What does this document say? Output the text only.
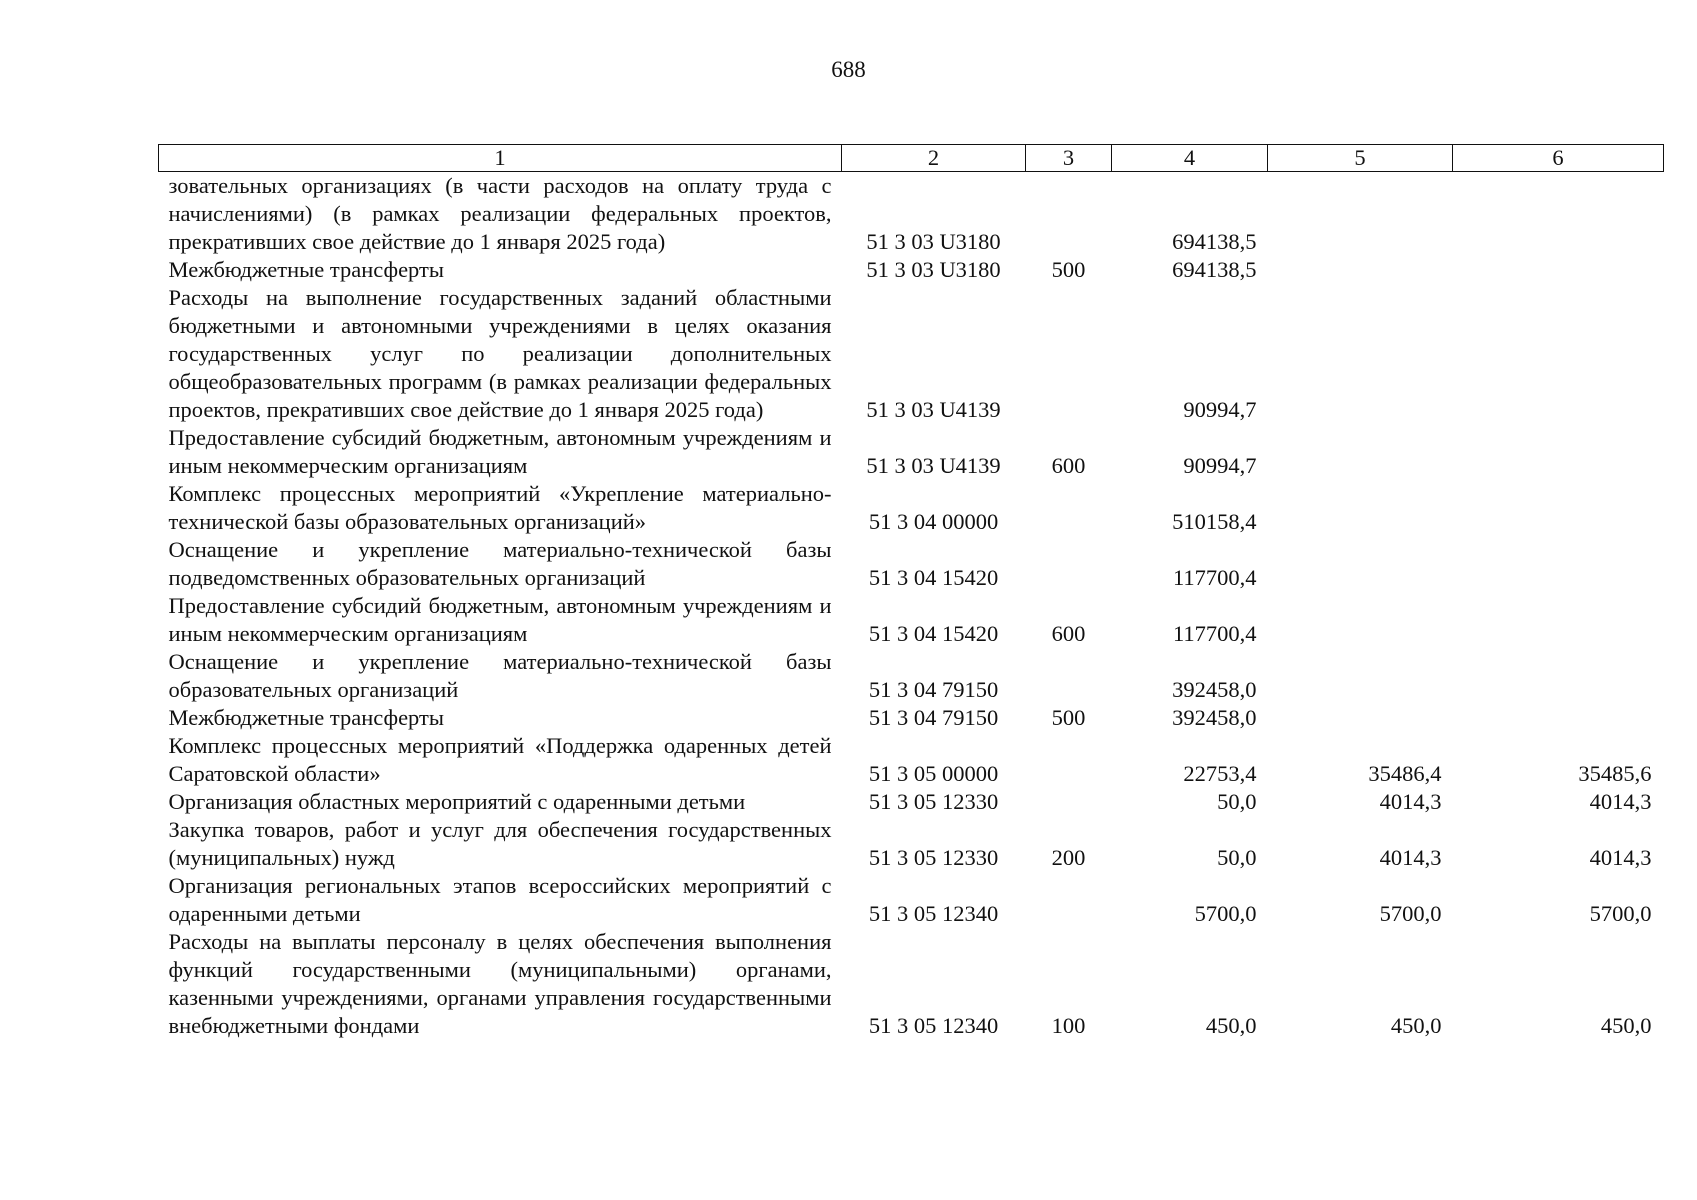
688
1	2	3	4	5	6
зовательных организациях (в части расходов на оплату труда с начислениями) (в рамках реализации федеральных проектов, прекративших свое действие до 1 января 2025 года)	51 3 03 U3180		694138,5		
Межбюджетные трансферты	51 3 03 U3180	500	694138,5		
Расходы на выполнение государственных заданий областными бюджетными и автономными учреждениями в целях оказания государственных услуг по реализации дополнительных общеобразовательных программ (в рамках реализации федеральных проектов, прекративших свое действие до 1 января 2025 года)	51 3 03 U4139		90994,7		
Предоставление субсидий бюджетным, автономным учреждениям и иным некоммерческим организациям	51 3 03 U4139	600	90994,7		
Комплекс процессных мероприятий «Укрепление материально-технической базы образовательных организаций»	51 3 04 00000		510158,4		
Оснащение и укрепление материально-технической базы подведомственных образовательных организаций	51 3 04 15420		117700,4		
Предоставление субсидий бюджетным, автономным учреждениям и иным некоммерческим организациям	51 3 04 15420	600	117700,4		
Оснащение и укрепление материально-технической базы образовательных организаций	51 3 04 79150		392458,0		
Межбюджетные трансферты	51 3 04 79150	500	392458,0		
Комплекс процессных мероприятий «Поддержка одаренных детей Саратовской области»	51 3 05 00000		22753,4	35486,4	35485,6
Организация областных мероприятий с одаренными детьми	51 3 05 12330		50,0	4014,3	4014,3
Закупка товаров, работ и услуг для обеспечения государственных (муниципальных) нужд	51 3 05 12330	200	50,0	4014,3	4014,3
Организация региональных этапов всероссийских мероприятий с одаренными детьми	51 3 05 12340		5700,0	5700,0	5700,0
Расходы на выплаты персоналу в целях обеспечения выполнения функций государственными (муниципальными) органами, казенными учреждениями, органами управления государственными внебюджетными фондами	51 3 05 12340	100	450,0	450,0	450,0
